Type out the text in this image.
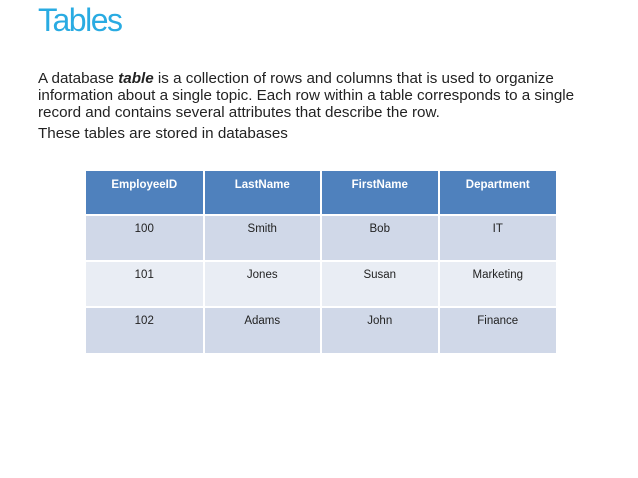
Tables

A database table is a collection of rows and columns that is used to organize information about a single topic. Each row within a table corresponds to a single record and contains several attributes that describe the row.

These tables are stored in databases

EmployeeID	LastName	FirstName	Department
100	Smith	Bob	IT
101	Jones	Susan	Marketing
102	Adams	John	Finance
